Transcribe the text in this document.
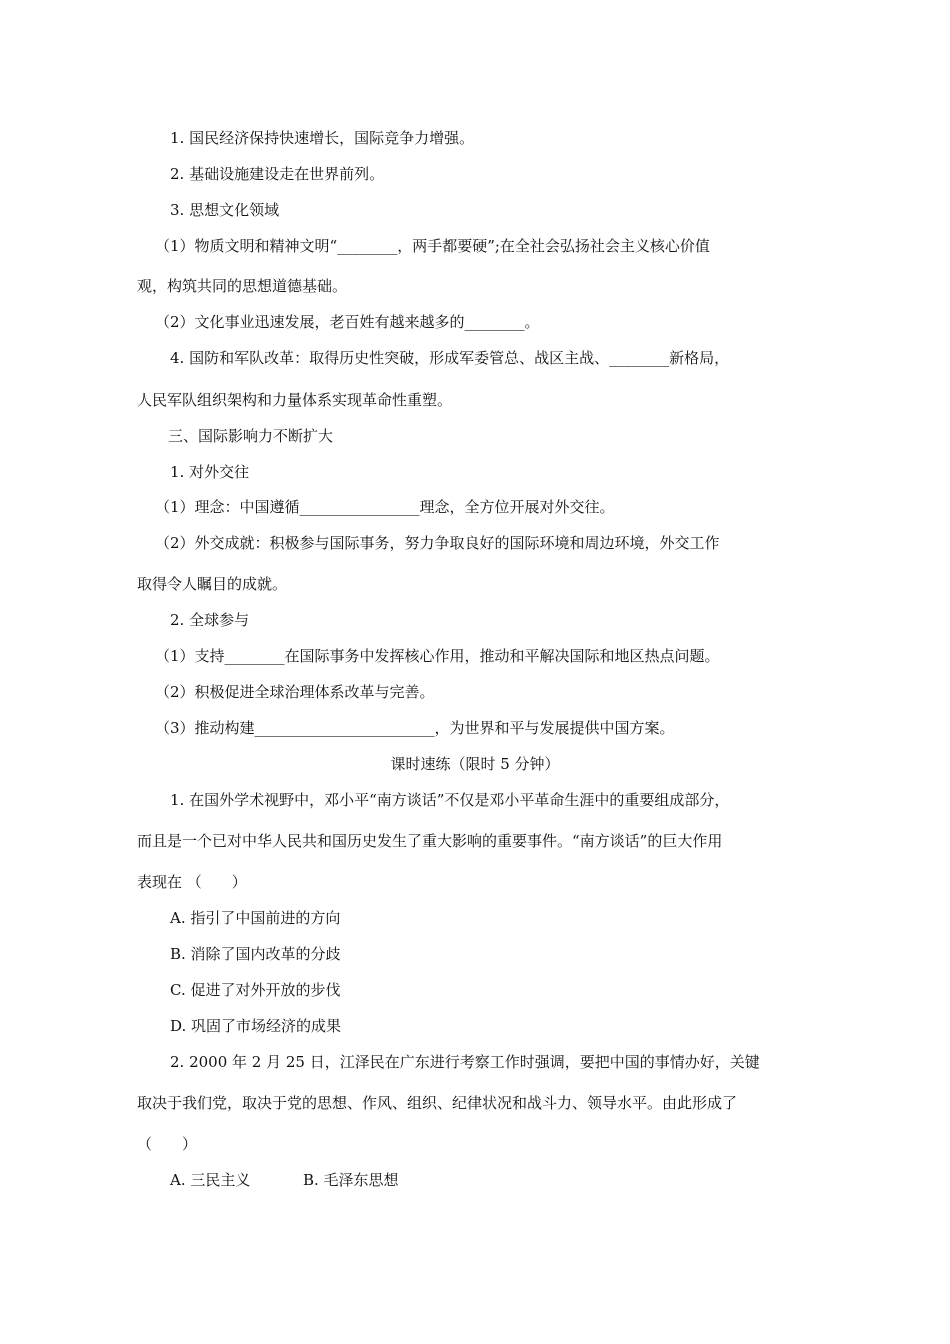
1. 国民经济保持快速增长，国际竞争力增强。
2. 基础设施建设走在世界前列。
3. 思想文化领域
（1）物质文明和精神文明“________，两手都要硬”;在全社会弘扬社会主义核心价值
观，构筑共同的思想道德基础。
（2）文化事业迅速发展，老百姓有越来越多的________。
4. 国防和军队改革：取得历史性突破，形成军委管总、战区主战、________新格局，
人民军队组织架构和力量体系实现革命性重塑。
三、国际影响力不断扩大
1. 对外交往
（1）理念：中国遵循________________理念，全方位开展对外交往。
（2）外交成就：积极参与国际事务，努力争取良好的国际环境和周边环境，外交工作
取得令人瞩目的成就。
2. 全球参与
（1）支持________在国际事务中发挥核心作用，推动和平解决国际和地区热点问题。
（2）积极促进全球治理体系改革与完善。
（3）推动构建________________________，为世界和平与发展提供中国方案。
课时速练（限时 5 分钟）
1. 在国外学术视野中，邓小平“南方谈话”不仅是邓小平革命生涯中的重要组成部分，
而且是一个已对中华人民共和国历史发生了重大影响的重要事件。“南方谈话”的巨大作用
表现在 （　　）
A. 指引了中国前进的方向
B. 消除了国内改革的分歧
C. 促进了对外开放的步伐
D. 巩固了市场经济的成果
2. 2000 年 2 月 25 日，江泽民在广东进行考察工作时强调，要把中国的事情办好，关键
取决于我们党，取决于党的思想、作风、组织、纪律状况和战斗力、领导水平。由此形成了
（　　）
A. 三民主义	B. 毛泽东思想
